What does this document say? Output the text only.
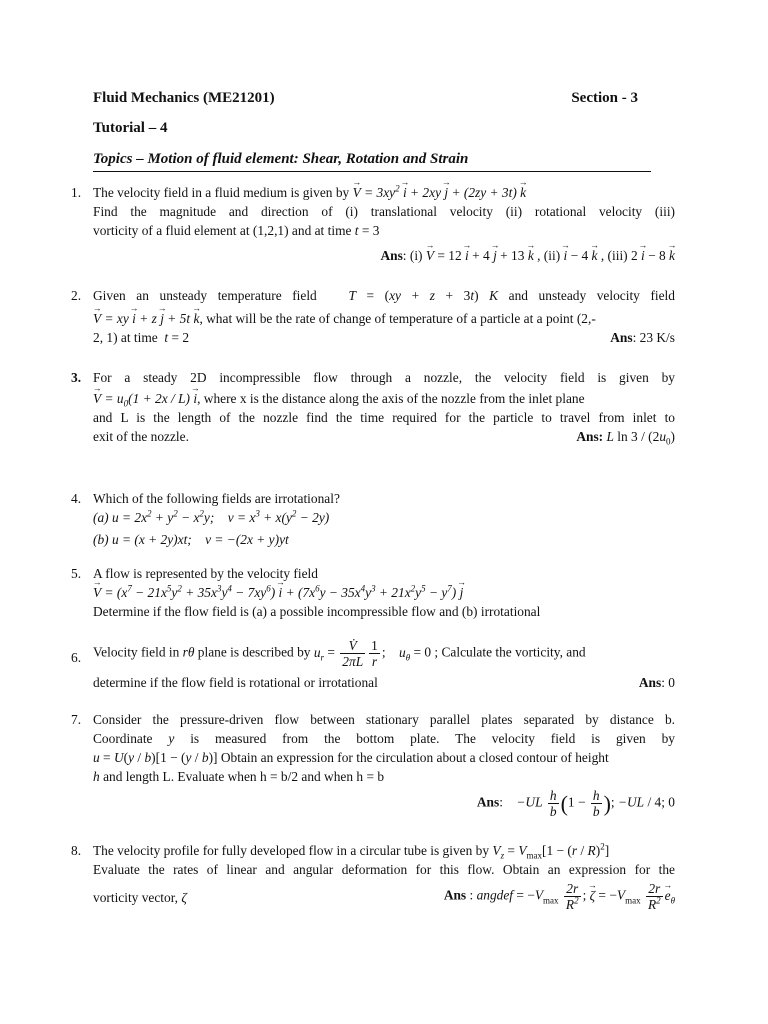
Fluid Mechanics (ME21201)	Section - 3
Tutorial – 4
Topics – Motion of fluid element: Shear, Rotation and Strain
1. The velocity field in a fluid medium is given by → $V = 3xy^2 \to i + 2xy \to j + (2zy + 3t) \to k$
Find the magnitude and direction of (i) translational velocity (ii) rotational velocity (iii)
vorticity of a fluid element at (1,2,1) and at time t = 3
Ans: (i) → V = 12 → i + 4 → j + 13 → k , (ii) → i − 4 → k , (iii) 2 → i − 8 → k
2. Given an unsteady temperature field T = (xy + z + 3t) K and unsteady velocity field
→ V = xy → i + z → j + 5t → k, what will be the rate of change of temperature of a particle at a point (2,-
2, 1) at time t = 2	Ans: 23 K/s
3. For a steady 2D incompressible flow through a nozzle, the velocity field is given by
→ $V = u_0(1 + 2x / L) \to i$, where x is the distance along the axis of the nozzle from the inlet plane
and L is the length of the nozzle find the time required for the particle to travel from inlet to
exit of the nozzle.	Ans: L $\ln 3 / (2u_0)$
4. Which of the following fields are irrotational?
(a) $u = 2x^2 + y^2 - x^2y$;    $v = x^3 + x(y^2 - 2y)$
(b) u = (x + 2y)xt;    v = −(2x + y)yt
5. A flow is represented by the velocity field
→ $V = (x^7 - 21x^5y^2 + 35x^3y^4 - 7xy^6) \to i + (7x^6y - 35x^4y^3 + 21x^2y^5 - y^7) \to j$
Determine if the flow field is (a) a possible incompressible flow and (b) irrotational
6. Velocity field in rθ plane is described by $u_r = \frac{V̇}{2\pi L} \frac{1}{r}$ ;    $u_\theta = 0$ ; Calculate the vorticity, and
determine if the flow field is rotational or irrotational	Ans: 0
7. Consider the pressure-driven flow between stationary parallel plates separated by distance b.
Coordinate y is measured from the bottom plate. The velocity field is given by
u = U(y / b)[1 − (y / b)] Obtain an expression for the circulation about a closed contour of height
h and length L. Evaluate when h = b/2 and when h = b
Ans:    $-UL \frac{h}{b} (1 - \frac{h}{b}$ ); −UL / 4; 0
8. The velocity profile for fully developed flow in a circular tube is given by $V_z = V_{max}[1 - (r / R)^2]$
Evaluate the rates of linear and angular deformation for this flow. Obtain an expression for the
vorticity vector, ζ	Ans : angdef = $-V_{max} \frac{2r}{R^2}$ ; → $\zeta = -V_{max} \frac{2r}{R^2}$
→ $e_\theta$
